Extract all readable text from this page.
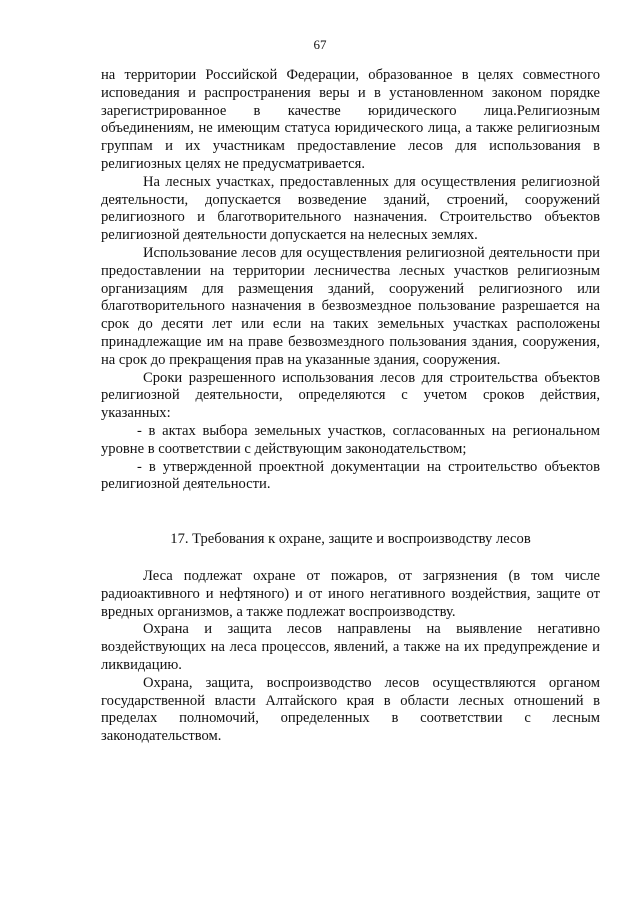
67

на территории Российской Федерации, образованное в целях совместного исповедания и распространения веры и в установленном законом порядке зарегистрированное в качестве юридического лица.Религиозным объединениям, не имеющим статуса юридического лица, а также религиозным группам и их участникам предоставление лесов для использования в религиозных целях не предусматривается.

На лесных участках, предоставленных для осуществления религиозной деятельности, допускается возведение зданий, строений, сооружений религиозного и благотворительного назначения. Строительство объектов религиозной деятельности допускается на нелесных землях.

Использование лесов для осуществления религиозной деятельности при предоставлении на территории лесничества лесных участков религиозным организациям для размещения зданий, сооружений религиозного или благотворительного назначения в безвозмездное пользование разрешается на срок до десяти лет или если на таких земельных участках расположены принадлежащие им на праве безвозмездного пользования здания, сооружения, на срок до прекращения прав на указанные здания, сооружения.

Сроки разрешенного использования лесов для строительства объектов религиозной деятельности, определяются с учетом сроков действия, указанных:

- в актах выбора земельных участков, согласованных на региональном уровне в соответствии с действующим законодательством;

- в утвержденной проектной документации на строительство объектов религиозной деятельности.

17. Требования к охране, защите и воспроизводству лесов

Леса подлежат охране от пожаров, от загрязнения (в том числе радиоактивного и нефтяного) и от иного негативного воздействия, защите от вредных организмов, а также подлежат воспроизводству.

Охрана и защита лесов направлены на выявление негативно воздействующих на леса процессов, явлений, а также на их предупреждение и ликвидацию.

Охрана, защита, воспроизводство лесов осуществляются органом государственной власти Алтайского края в области лесных отношений в пределах полномочий, определенных в соответствии с лесным законодательством.
